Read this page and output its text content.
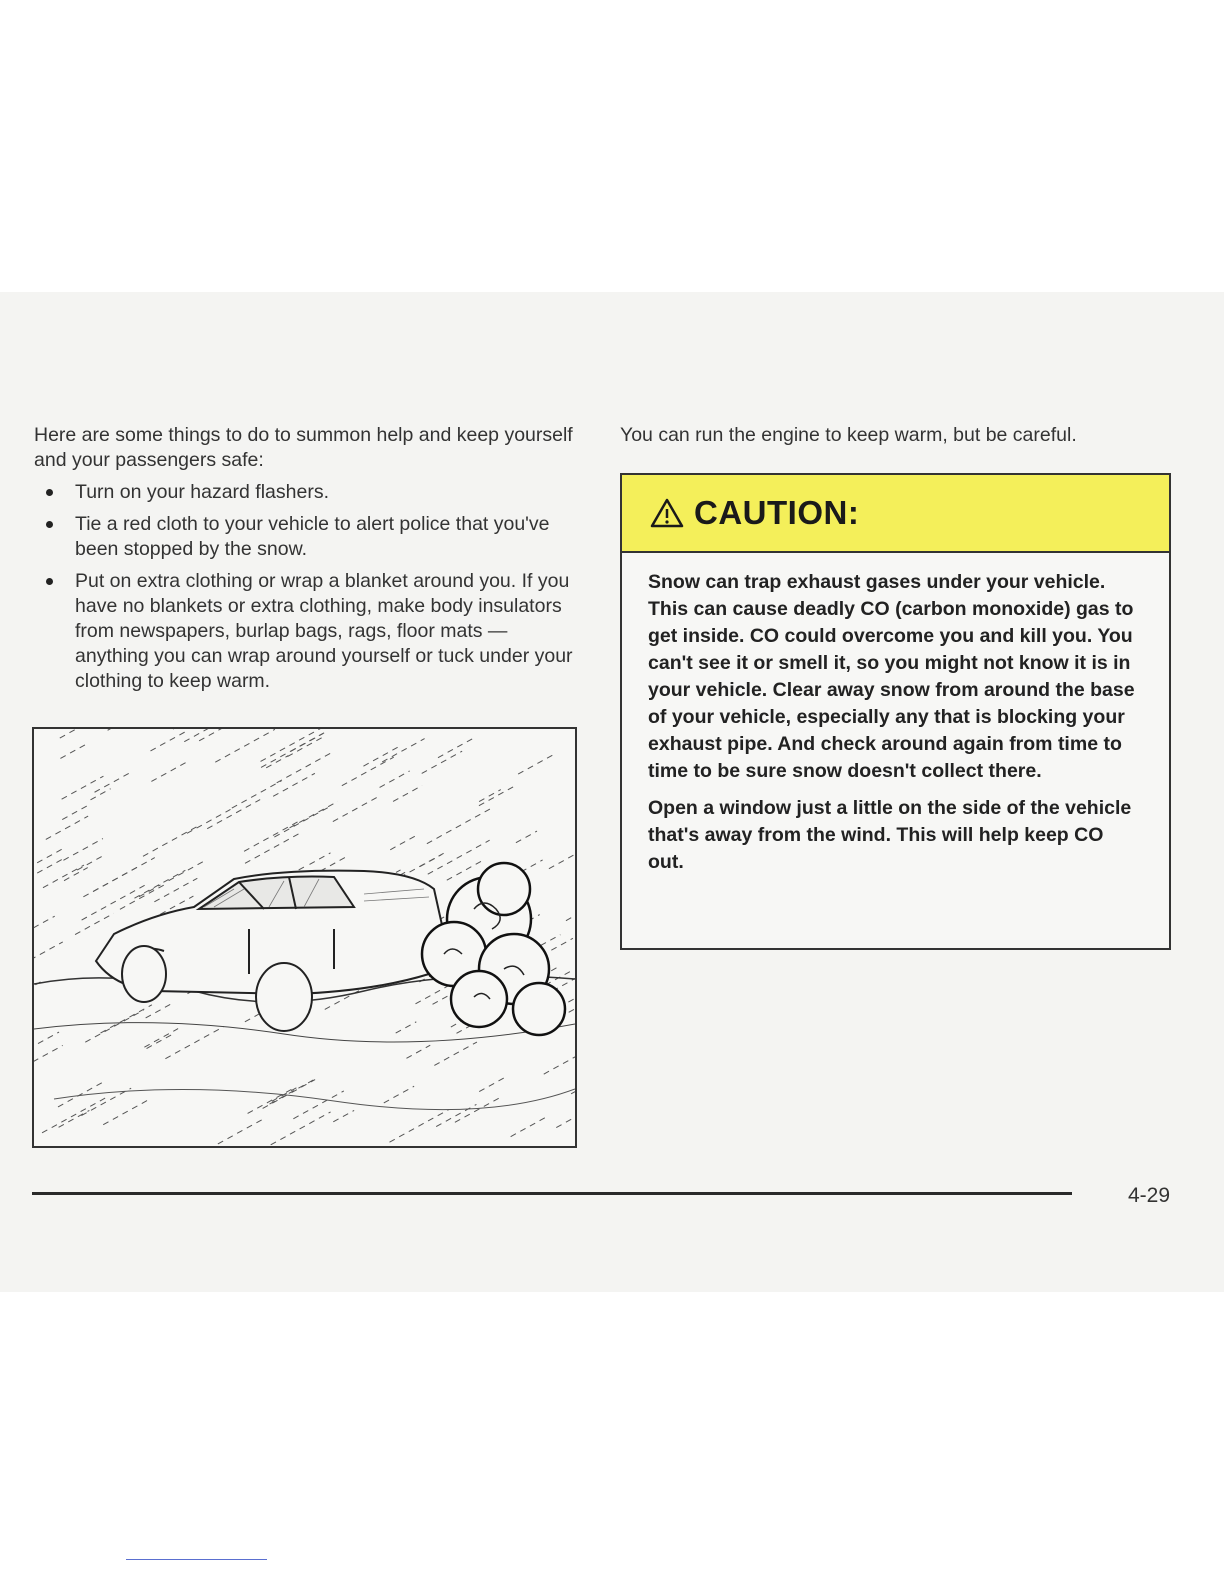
Here are some things to do to summon help and keep yourself and your passengers safe:

Turn on your hazard flashers.
Tie a red cloth to your vehicle to alert police that you've been stopped by the snow.
Put on extra clothing or wrap a blanket around you. If you have no blankets or extra clothing, make body insulators from newspapers, burlap bags, rags, floor mats — anything you can wrap around yourself or tuck under your clothing to keep warm.

You can run the engine to keep warm, but be careful.

CAUTION:

Snow can trap exhaust gases under your vehicle. This can cause deadly CO (carbon monoxide) gas to get inside. CO could overcome you and kill you. You can't see it or smell it, so you might not know it is in your vehicle. Clear away snow from around the base of your vehicle, especially any that is blocking your exhaust pipe. And check around again from time to time to be sure snow doesn't collect there.

Open a window just a little on the side of the vehicle that's away from the wind. This will help keep CO out.

4-29
